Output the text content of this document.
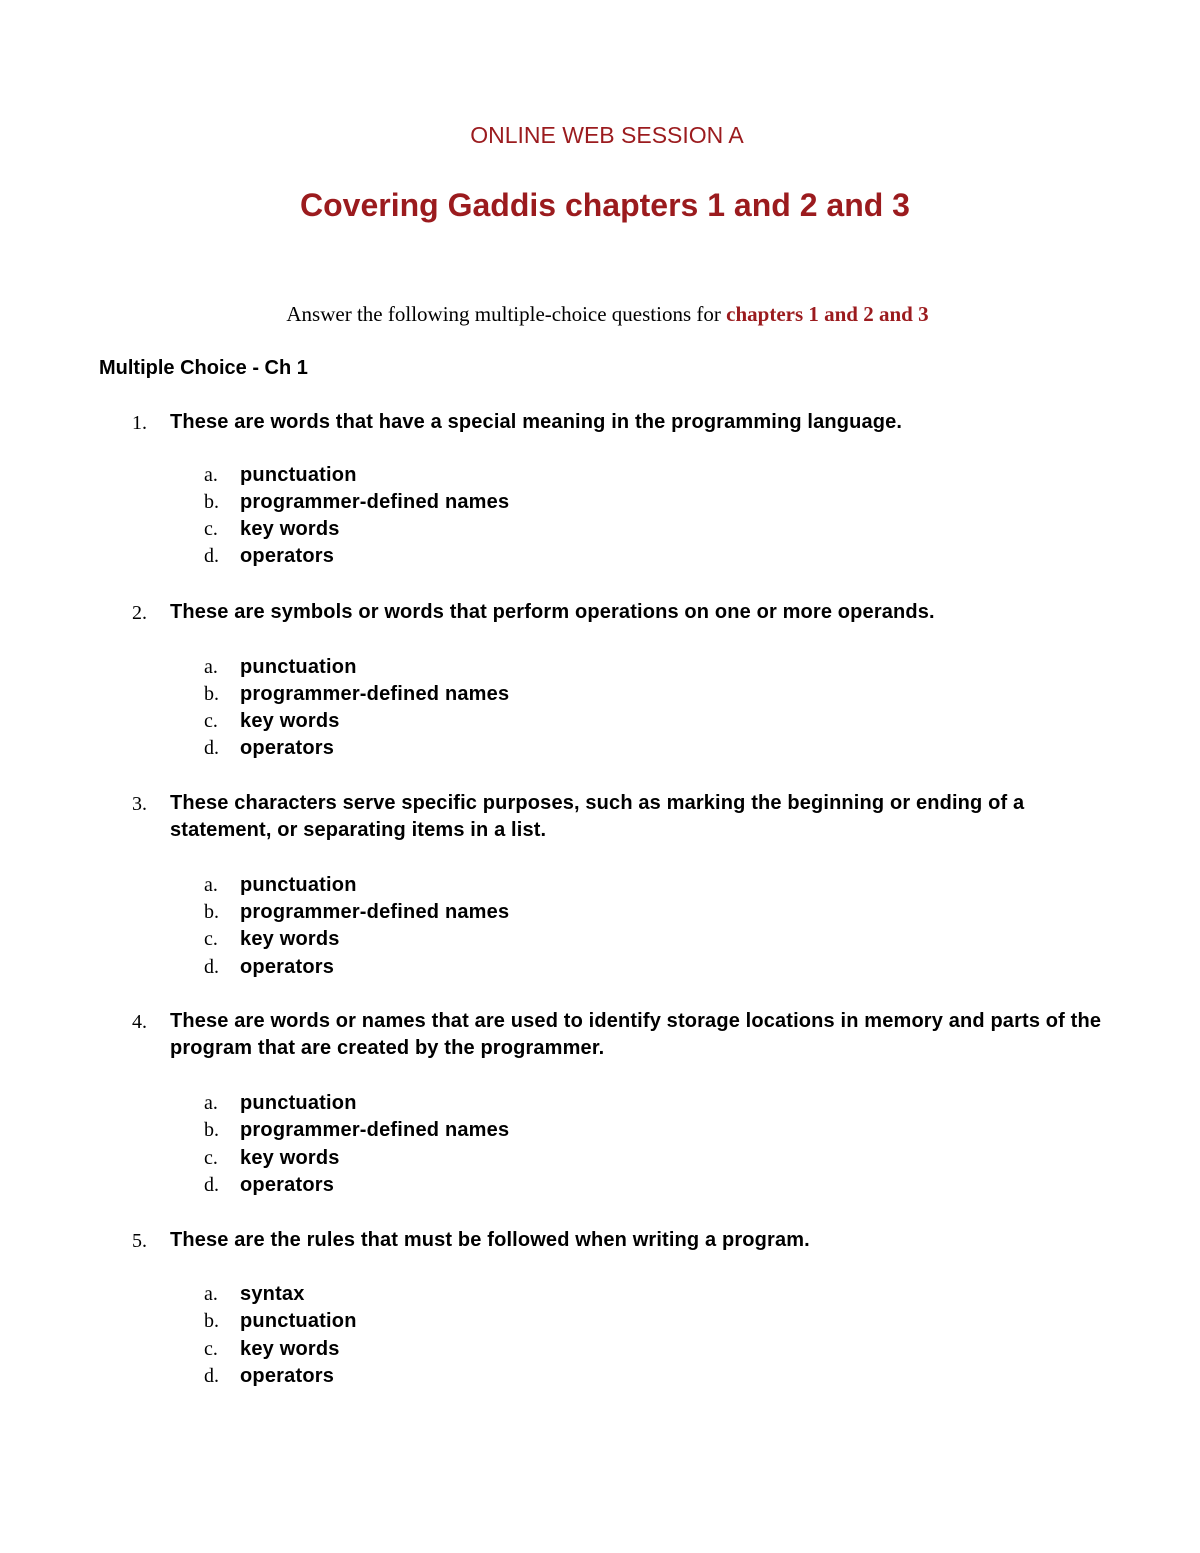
ONLINE WEB SESSION A
Covering Gaddis chapters 1 and 2 and 3
Answer the following multiple-choice questions for chapters 1 and 2 and 3
Multiple Choice - Ch 1
1. These are words that have a special meaning in the programming language.
a. punctuation
b. programmer-defined names
c. key words
d. operators
2. These are symbols or words that perform operations on one or more operands.
a. punctuation
b. programmer-defined names
c. key words
d. operators
3. These characters serve specific purposes, such as marking the beginning or ending of a statement, or separating items in a list.
a. punctuation
b. programmer-defined names
c. key words
d. operators
4. These are words or names that are used to identify storage locations in memory and parts of the program that are created by the programmer.
a. punctuation
b. programmer-defined names
c. key words
d. operators
5. These are the rules that must be followed when writing a program.
a. syntax
b. punctuation
c. key words
d. operators
